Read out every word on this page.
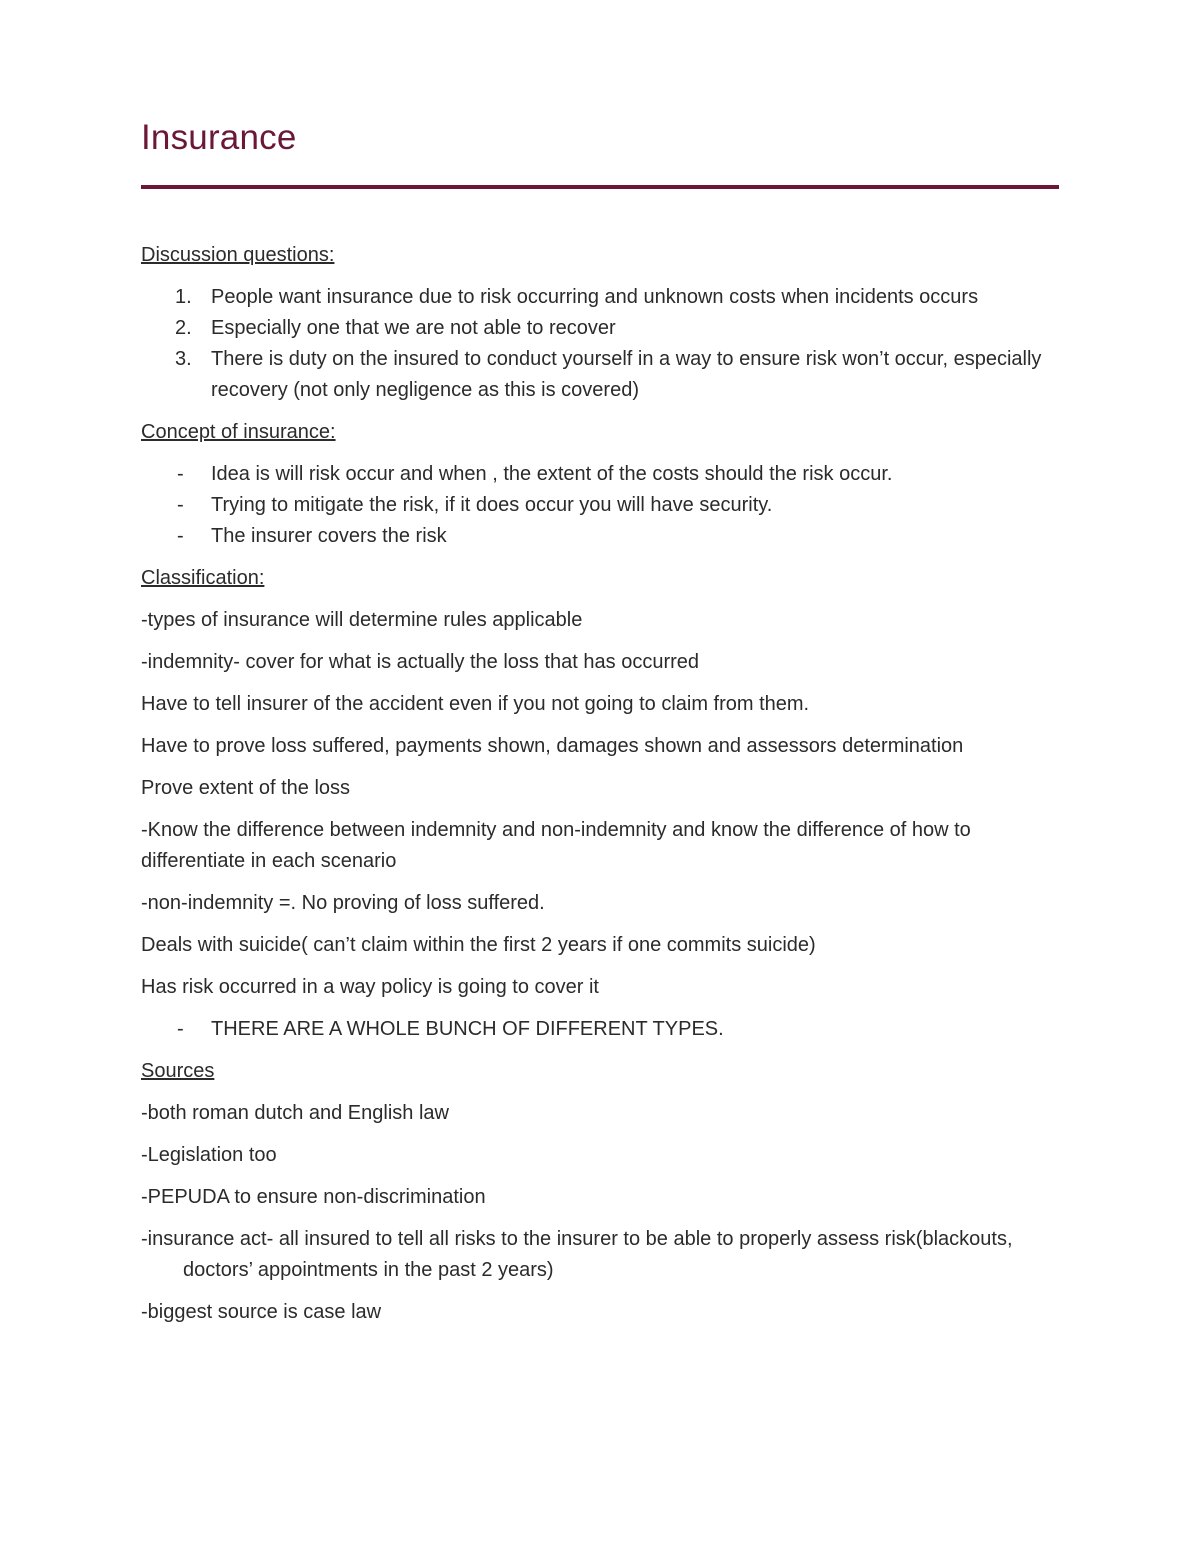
Insurance

Discussion questions:

1. People want insurance due to risk occurring and unknown costs when incidents occurs
2. Especially one that we are not able to recover
3. There is duty on the insured to conduct yourself in a way to ensure risk won’t occur, especially recovery (not only negligence as this is covered)

Concept of insurance:

- Idea is will risk occur and when , the extent of the costs should the risk occur.
- Trying to mitigate the risk, if it does occur you will have security.
- The insurer covers the risk

Classification:

-types of insurance will determine rules applicable

-indemnity- cover for what is actually the loss that has occurred

Have to tell insurer of the accident even if you not going to claim from them.

Have to prove loss suffered, payments shown, damages shown and assessors determination

Prove extent of the loss

-Know the difference between indemnity and non-indemnity and know the difference of how to differentiate in each scenario

-non-indemnity =. No proving of loss suffered.

Deals with suicide( can’t claim within the first 2 years if one commits suicide)

Has risk occurred in a way policy is going to cover it

- THERE ARE A WHOLE BUNCH OF DIFFERENT TYPES.

Sources

-both roman dutch and English law

-Legislation too

-PEPUDA to ensure non-discrimination

-insurance act- all insured to tell all risks to the insurer to be able to properly assess risk(blackouts, doctors’ appointments in the past 2 years)

-biggest source is case law
